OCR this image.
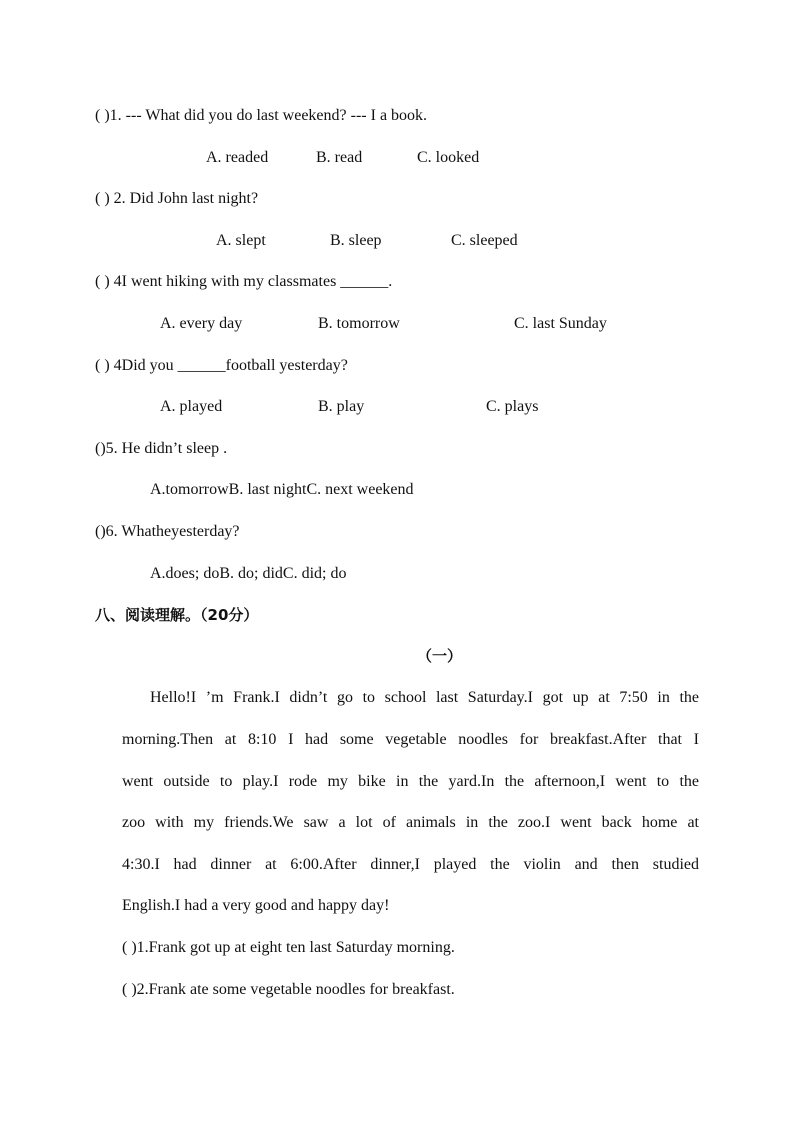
( )1. --- What did you do last weekend? --- I a book.
A. readed	B. read	C. looked
( ) 2. Did John last night?
A. slept	B. sleep	C. sleeped
( ) 4I went hiking with my classmates ______.
A. every day	B. tomorrow	C. last Sunday
( ) 4Did you ______football yesterday?
A. played	B. play	C. plays
()5. He didn’t sleep .
A.tomorrowB. last nightC. next weekend
()6. Whatheyesterday?
A.does; doB. do; didC. did; do
八、阅读理解。（20分）
（一）
Hello!I ’m Frank.I didn’t go to school last Saturday.I got up at 7:50 in the
morning.Then at 8:10 I had some vegetable noodles for breakfast.After that I
went outside to play.I rode my bike in the yard.In the afternoon,I went to the
zoo with my friends.We saw a lot of animals in the zoo.I went back home at
4:30.I had dinner at 6:00.After dinner,I played the violin and then studied
English.I had a very good and happy day!
( )1.Frank got up at eight ten last Saturday morning.
( )2.Frank ate some vegetable noodles for breakfast.
